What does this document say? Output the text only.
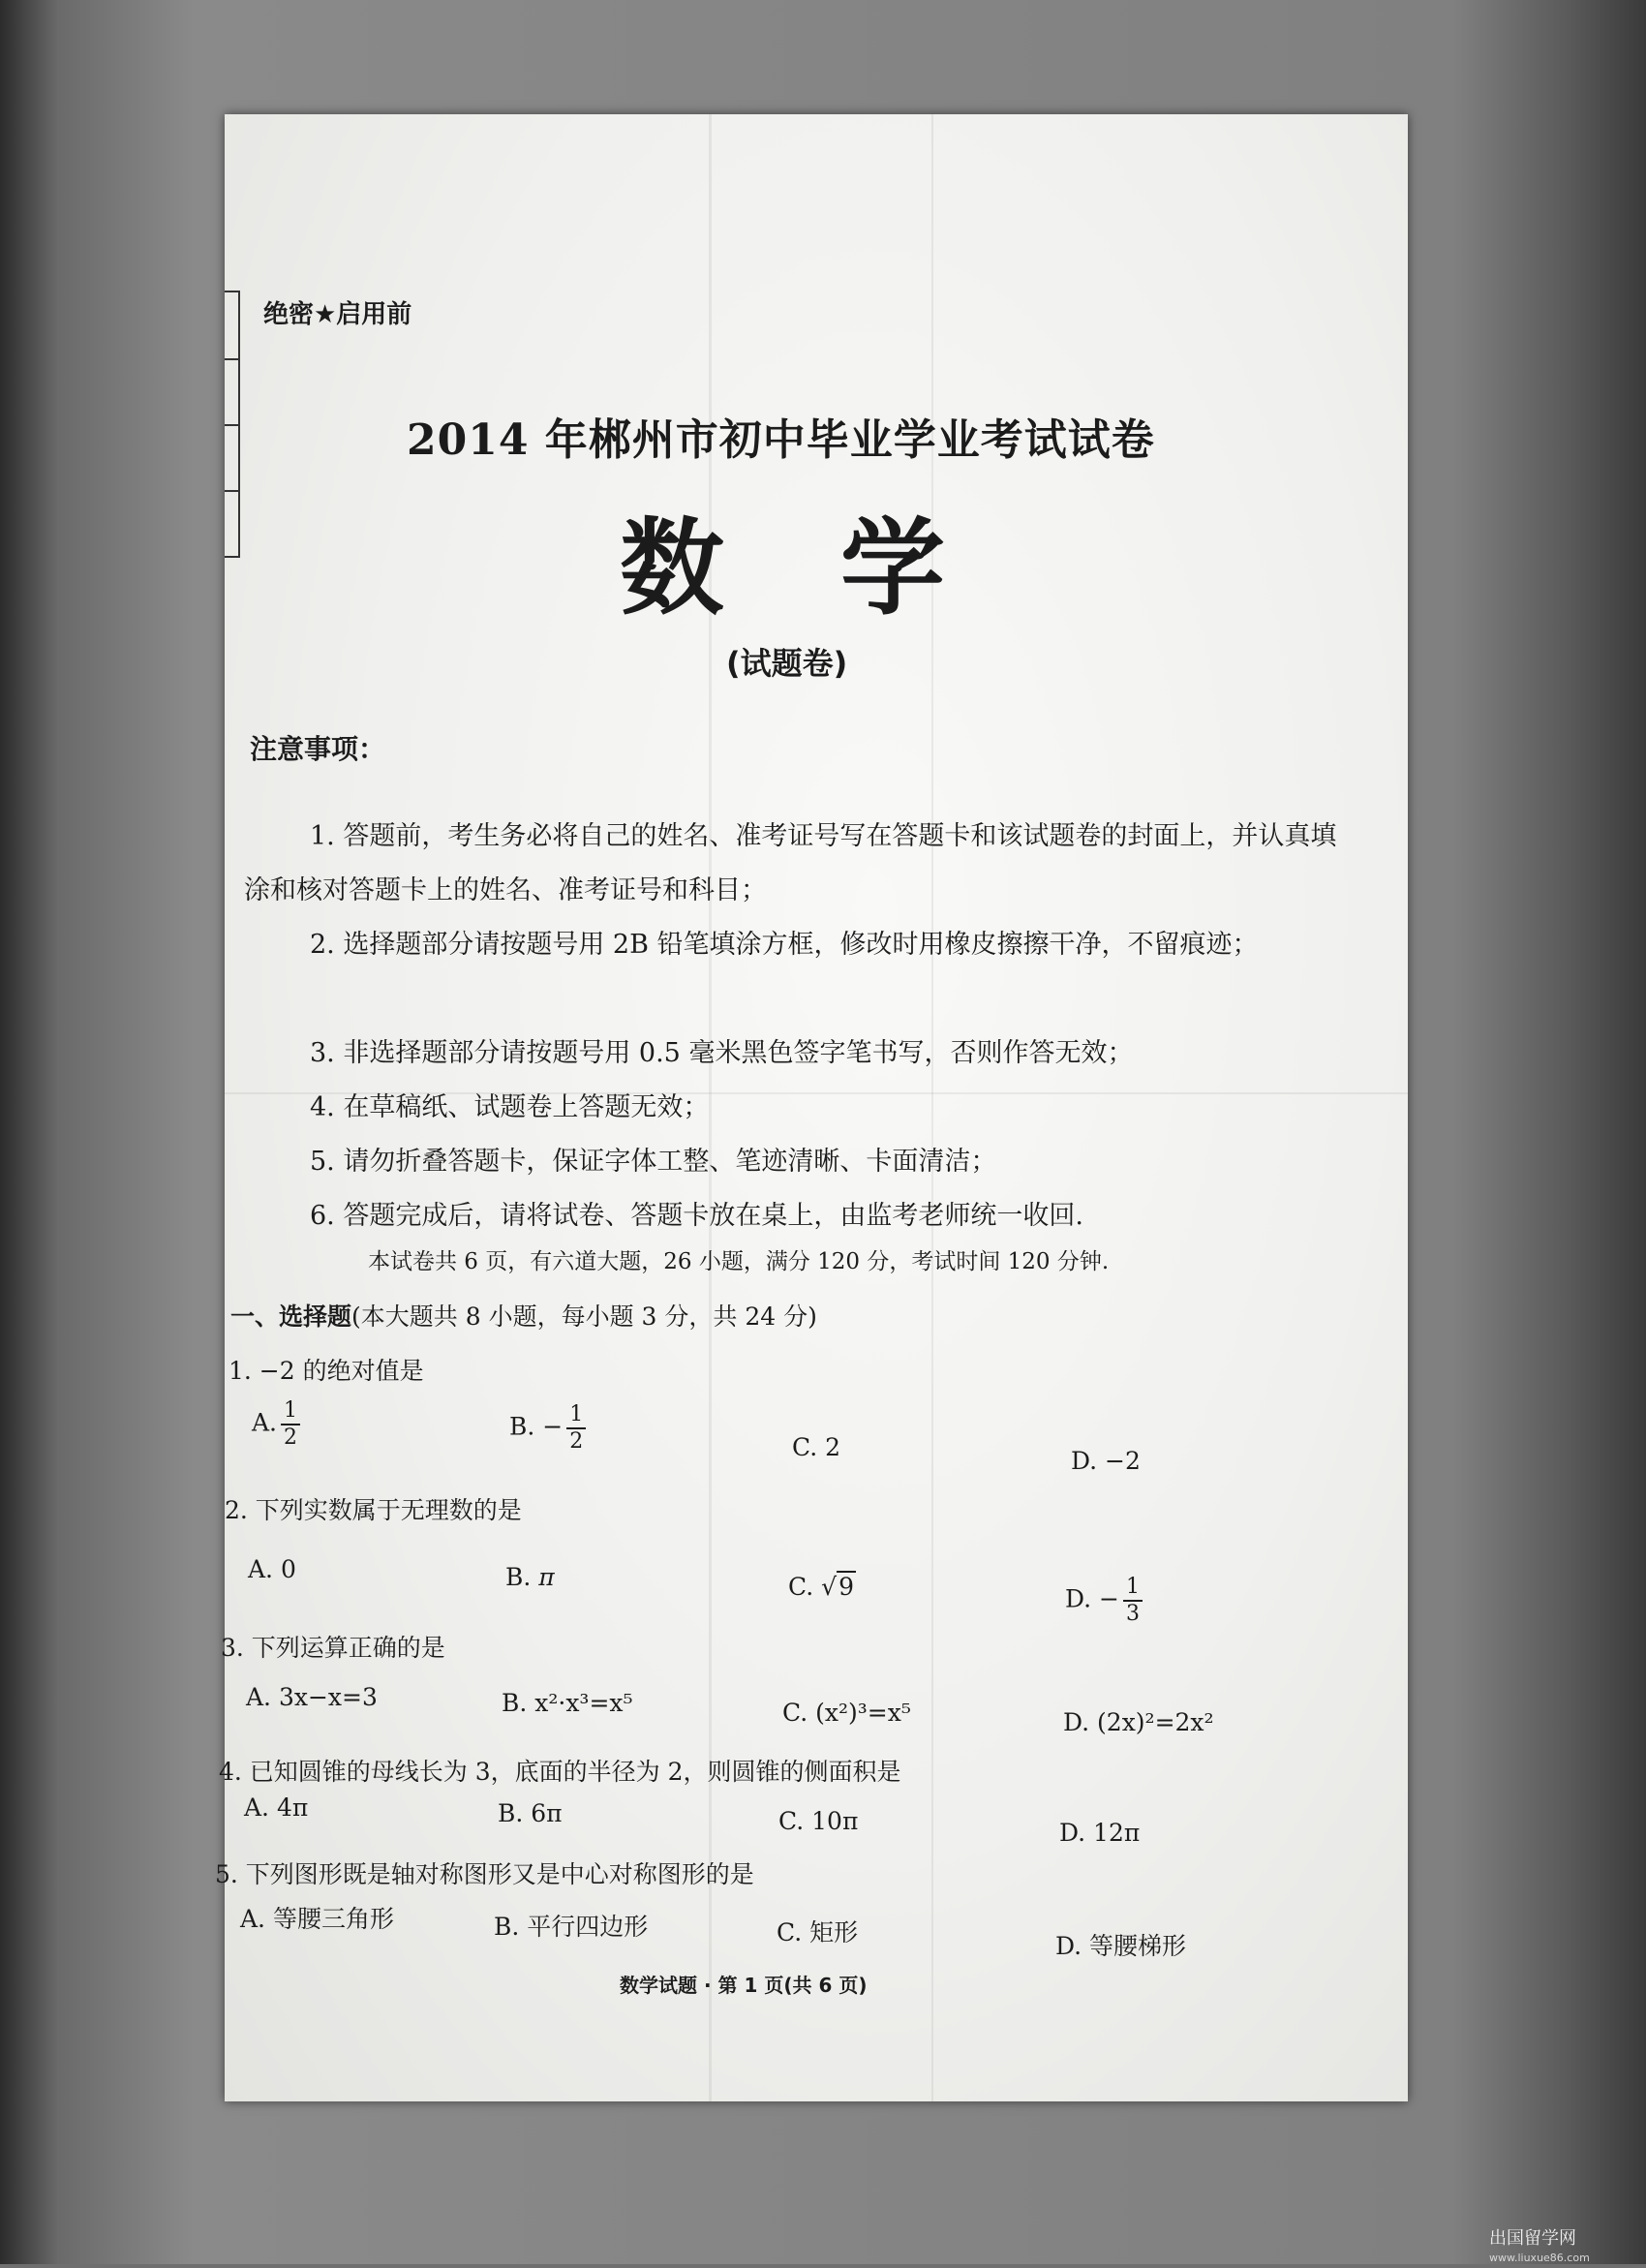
绝密★启用前
2014 年郴州市初中毕业学业考试试卷
数学
(试题卷)
注意事项：
1. 答题前，考生务必将自己的姓名、准考证号写在答题卡和该试题卷的封面上，并认真填涂和核对答题卡上的姓名、准考证号和科目；
2. 选择题部分请按题号用 2B 铅笔填涂方框，修改时用橡皮擦擦干净，不留痕迹；
3. 非选择题部分请按题号用 0.5 毫米黑色签字笔书写，否则作答无效；
4. 在草稿纸、试题卷上答题无效；
5. 请勿折叠答题卡，保证字体工整、笔迹清晰、卡面清洁；
6. 答题完成后，请将试卷、答题卡放在桌上，由监考老师统一收回.
本试卷共 6 页，有六道大题，26 小题，满分 120 分，考试时间 120 分钟.
一、选择题(本大题共 8 小题，每小题 3 分，共 24 分)
1. −2 的绝对值是
A. $\frac{1}{2}$	B. − $\frac{1}{2}$	C. 2	D. −2
2. 下列实数属于无理数的是
A. 0	B. π	C. √9	D. − $\frac{1}{3}$
3. 下列运算正确的是
A. 3x−x=3	B. x²·x³=x⁵	C. (x²)³=x⁵	D. (2x)²=2x²
4. 已知圆锥的母线长为 3，底面的半径为 2，则圆锥的侧面积是
A. 4π	B. 6π	C. 10π	D. 12π
5. 下列图形既是轴对称图形又是中心对称图形的是
A. 等腰三角形	B. 平行四边形	C. 矩形	D. 等腰梯形
数学试题 · 第 1 页(共 6 页)
出国留学网
www.liuxue86.com
